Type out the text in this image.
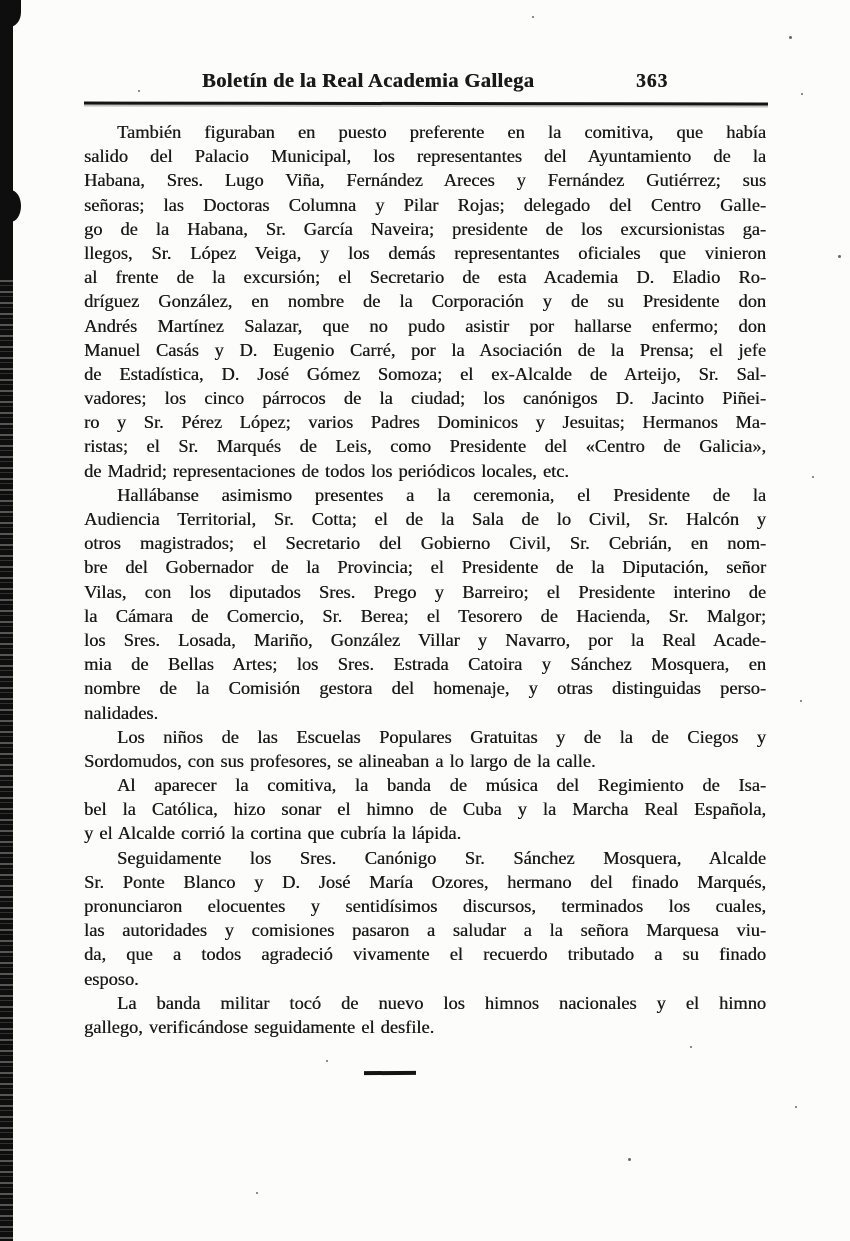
Boletín de la Real Academia Gallega	363
También figuraban en puesto preferente en la comitiva, que había
salido del Palacio Municipal, los representantes del Ayuntamiento de la
Habana, Sres. Lugo Viña, Fernández Areces y Fernández Gutiérrez; sus
señoras; las Doctoras Columna y Pilar Rojas; delegado del Centro Galle-
go de la Habana, Sr. García Naveira; presidente de los excursionistas ga-
llegos, Sr. López Veiga, y los demás representantes oficiales que vinieron
al frente de la excursión; el Secretario de esta Academia D. Eladio Ro-
dríguez González, en nombre de la Corporación y de su Presidente don
Andrés Martínez Salazar, que no pudo asistir por hallarse enfermo; don
Manuel Casás y D. Eugenio Carré, por la Asociación de la Prensa; el jefe
de Estadística, D. José Gómez Somoza; el ex-Alcalde de Arteijo, Sr. Sal-
vadores; los cinco párrocos de la ciudad; los canónigos D. Jacinto Piñei-
ro y Sr. Pérez López; varios Padres Dominicos y Jesuitas; Hermanos Ma-
ristas; el Sr. Marqués de Leis, como Presidente del «Centro de Galicia»,
de Madrid; representaciones de todos los periódicos locales, etc.
Hallábanse asimismo presentes a la ceremonia, el Presidente de la
Audiencia Territorial, Sr. Cotta; el de la Sala de lo Civil, Sr. Halcón y
otros magistrados; el Secretario del Gobierno Civil, Sr. Cebrián, en nom-
bre del Gobernador de la Provincia; el Presidente de la Diputación, señor
Vilas, con los diputados Sres. Prego y Barreiro; el Presidente interino de
la Cámara de Comercio, Sr. Berea; el Tesorero de Hacienda, Sr. Malgor;
los Sres. Losada, Mariño, González Villar y Navarro, por la Real Acade-
mia de Bellas Artes; los Sres. Estrada Catoira y Sánchez Mosquera, en
nombre de la Comisión gestora del homenaje, y otras distinguidas perso-
nalidades.
Los niños de las Escuelas Populares Gratuitas y de la de Ciegos y
Sordomudos, con sus profesores, se alineaban a lo largo de la calle.
Al aparecer la comitiva, la banda de música del Regimiento de Isa-
bel la Católica, hizo sonar el himno de Cuba y la Marcha Real Española,
y el Alcalde corrió la cortina que cubría la lápida.
Seguidamente los Sres. Canónigo Sr. Sánchez Mosquera, Alcalde
Sr. Ponte Blanco y D. José María Ozores, hermano del finado Marqués,
pronunciaron elocuentes y sentidísimos discursos, terminados los cuales,
las autoridades y comisiones pasaron a saludar a la señora Marquesa viu-
da, que a todos agradeció vivamente el recuerdo tributado a su finado
esposo.
La banda militar tocó de nuevo los himnos nacionales y el himno
gallego, verificándose seguidamente el desfile.
